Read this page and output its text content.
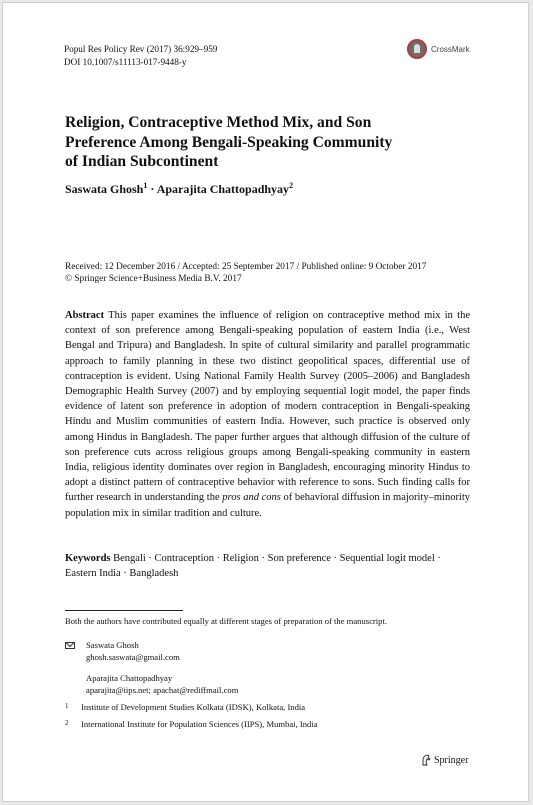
Popul Res Policy Rev (2017) 36:929–959
DOI 10.1007/s11113-017-9448-y
CrossMark
Religion, Contraceptive Method Mix, and Son
Preference Among Bengali-Speaking Community
of Indian Subcontinent
Saswata Ghosh$^1$ · Aparajita Chattopadhyay$^2$
Received: 12 December 2016 / Accepted: 25 September 2017 / Published online: 9 October 2017
© Springer Science+Business Media B.V. 2017
Abstract This paper examines the influence of religion on contraceptive method mix in the context of son preference among Bengali-speaking population of eastern India (i.e., West Bengal and Tripura) and Bangladesh. In spite of cultural similarity and parallel programmatic approach to family planning in these two distinct geopolitical spaces, differential use of contraception is evident. Using National Family Health Survey (2005–2006) and Bangladesh Demographic Health Survey (2007) and by employing sequential logit model, the paper finds evidence of latent son preference in adoption of modern contraception in Bengali-speaking Hindu and Muslim communities of eastern India. However, such practice is observed only among Hindus in Bangladesh. The paper further argues that although diffusion of the culture of son preference cuts across religious groups among Bengali-speaking community in eastern India, religious identity dominates over region in Bangladesh, encouraging minority Hindus to adopt a distinct pattern of contraceptive behavior with reference to sons. Such finding calls for further research in understanding the pros and cons of behavioral diffusion in majority–minority population mix in similar tradition and culture.
Keywords Bengali · Contraception · Religion · Son preference · Sequential logit model · Eastern India · Bangladesh
Both the authors have contributed equally at different stages of preparation of the manuscript.
Saswata Ghosh
ghosh.saswata@gmail.com
Aparajita Chattopadhyay
aparajita@iips.net; apachat@rediffmail.com
1 Institute of Development Studies Kolkata (IDSK), Kolkata, India
2 International Institute for Population Sciences (IIPS), Mumbai, India
Springer
